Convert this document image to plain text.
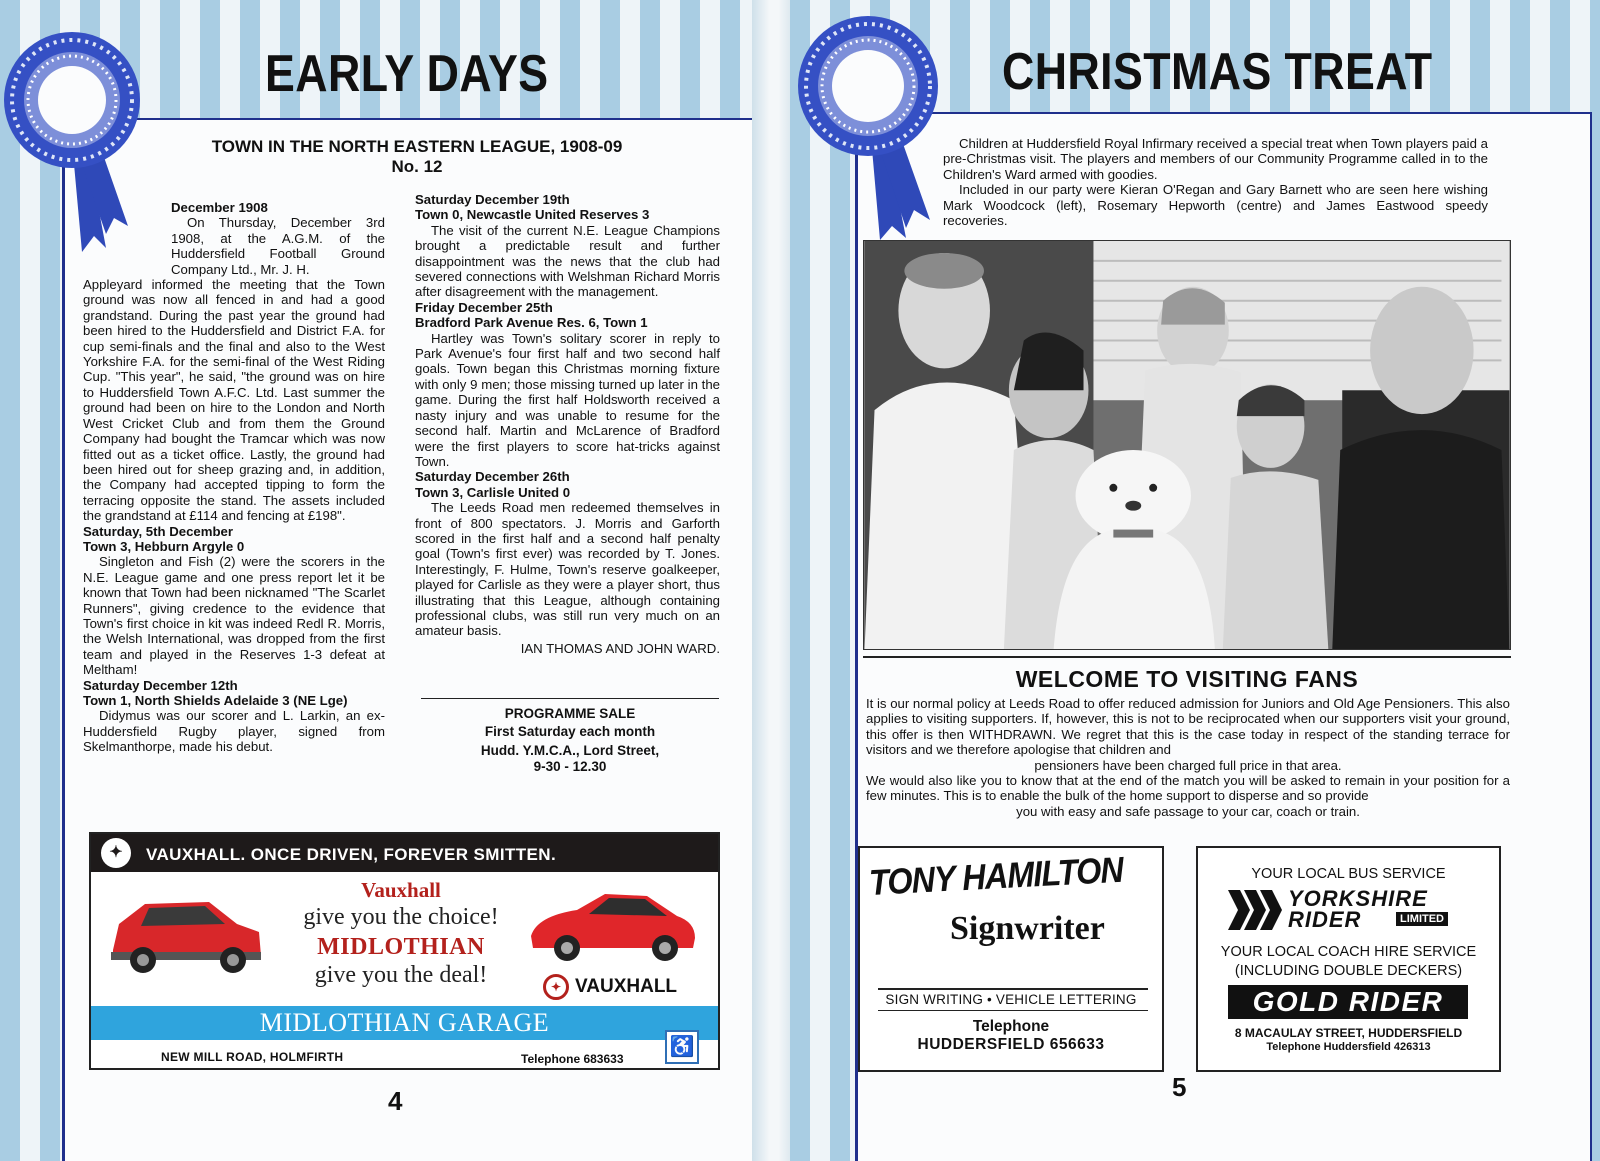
EARLY DAYS
TOWN IN THE NORTH EASTERN LEAGUE, 1908-09
No. 12

December 1908

On Thursday, December 3rd 1908, at the A.G.M. of the Huddersfield Football Ground Company Ltd., Mr. J. H.

Appleyard informed the meeting that the Town ground was now all fenced in and had a good grandstand. During the past year the ground had been hired to the Huddersfield and District F.A. for cup semi-finals and the final and also to the West Yorkshire F.A. for the semi-final of the West Riding Cup. "This year", he said, "the ground was on hire to Huddersfield Town A.F.C. Ltd. Last summer the ground had been on hire to the London and North West Cricket Club and from them the Ground Company had bought the Tramcar which was now fitted out as a ticket office. Lastly, the ground had been hired out for sheep grazing and, in addition, the Company had accepted tipping to form the terracing opposite the stand. The assets included the grandstand at £114 and fencing at £198".

Saturday, 5th December

Town 3, Hebburn Argyle 0

Singleton and Fish (2) were the scorers in the N.E. League game and one press report let it be known that Town had been nicknamed "The Scarlet Runners", giving credence to the evidence that Town's first choice in kit was indeed Redl R. Morris, the Welsh International, was dropped from the first team and played in the Reserves 1-3 defeat at Meltham!

Saturday December 12th

Town 1, North Shields Adelaide 3 (NE Lge)

Didymus was our scorer and L. Larkin, an ex-Huddersfield Rugby player, signed from Skelmanthorpe, made his debut.

Saturday December 19th

Town 0, Newcastle United Reserves 3

The visit of the current N.E. League Champions brought a predictable result and further disappointment was the news that the club had severed connections with Welshman Richard Morris after disagreement with the management.

Friday December 25th

Bradford Park Avenue Res. 6, Town 1

Hartley was Town's solitary scorer in reply to Park Avenue's four first half and two second half goals. Town began this Christmas morning fixture with only 9 men; those missing turned up later in the game. During the first half Holdsworth received a nasty injury and was unable to resume for the second half. Martin and McLarence of Bradford were the first players to score hat-tricks against Town.

Saturday December 26th

Town 3, Carlisle United 0

The Leeds Road men redeemed themselves in front of 800 spectators. J. Morris and Garforth scored in the first half and a second half penalty goal (Town's first ever) was recorded by T. Jones. Interestingly, F. Hulme, Town's reserve goalkeeper, played for Carlisle as they were a player short, thus illustrating that this League, although containing professional clubs, was still run very much on an amateur basis.

IAN THOMAS AND JOHN WARD.

PROGRAMME SALE
First Saturday each month
Hudd. Y.M.C.A., Lord Street,
9-30 - 12.30
VAUXHALL. ONCE DRIVEN, FOREVER SMITTEN.
✦
Vauxhall
give you the choice!
MIDLOTHIAN
give you the deal!	✦ VAUXHALL
MIDLOTHIAN GARAGE
♿
NEW MILL ROAD, HOLMFIRTH	Telephone 683633
4
CHRISTMAS TREAT

Children at Huddersfield Royal Infirmary received a special treat when Town players paid a pre-Christmas visit. The players and members of our Community Programme called in to the Children's Ward armed with goodies.

Included in our party were Kieran O'Regan and Gary Barnett who are seen here wishing Mark Woodcock (left), Rosemary Hepworth (centre) and James Eastwood speedy recoveries.

WELCOME TO VISITING FANS

It is our normal policy at Leeds Road to offer reduced admission for Juniors and Old Age Pensioners. This also applies to visiting supporters. If, however, this is not to be reciprocated when our supporters visit your ground, this offer is then WITHDRAWN. We regret that this is the case today in respect of the standing terrace for visitors and we therefore apologise that children and

pensioners have been charged full price in that area.

We would also like you to know that at the end of the match you will be asked to remain in your position for a few minutes. This is to enable the bulk of the home support to disperse and so provide

you with easy and safe passage to your car, coach or train.

TONY HAMILTON
Signwriter
SIGN WRITING • VEHICLE LETTERING
Telephone
HUDDERSFIELD 656633
YOUR LOCAL BUS SERVICE
YORKSHIRE
RIDER	LIMITED
YOUR LOCAL COACH HIRE SERVICE
(INCLUDING DOUBLE DECKERS)
GOLD RIDER
8 MACAULAY STREET, HUDDERSFIELD
Telephone Huddersfield 426313
5
